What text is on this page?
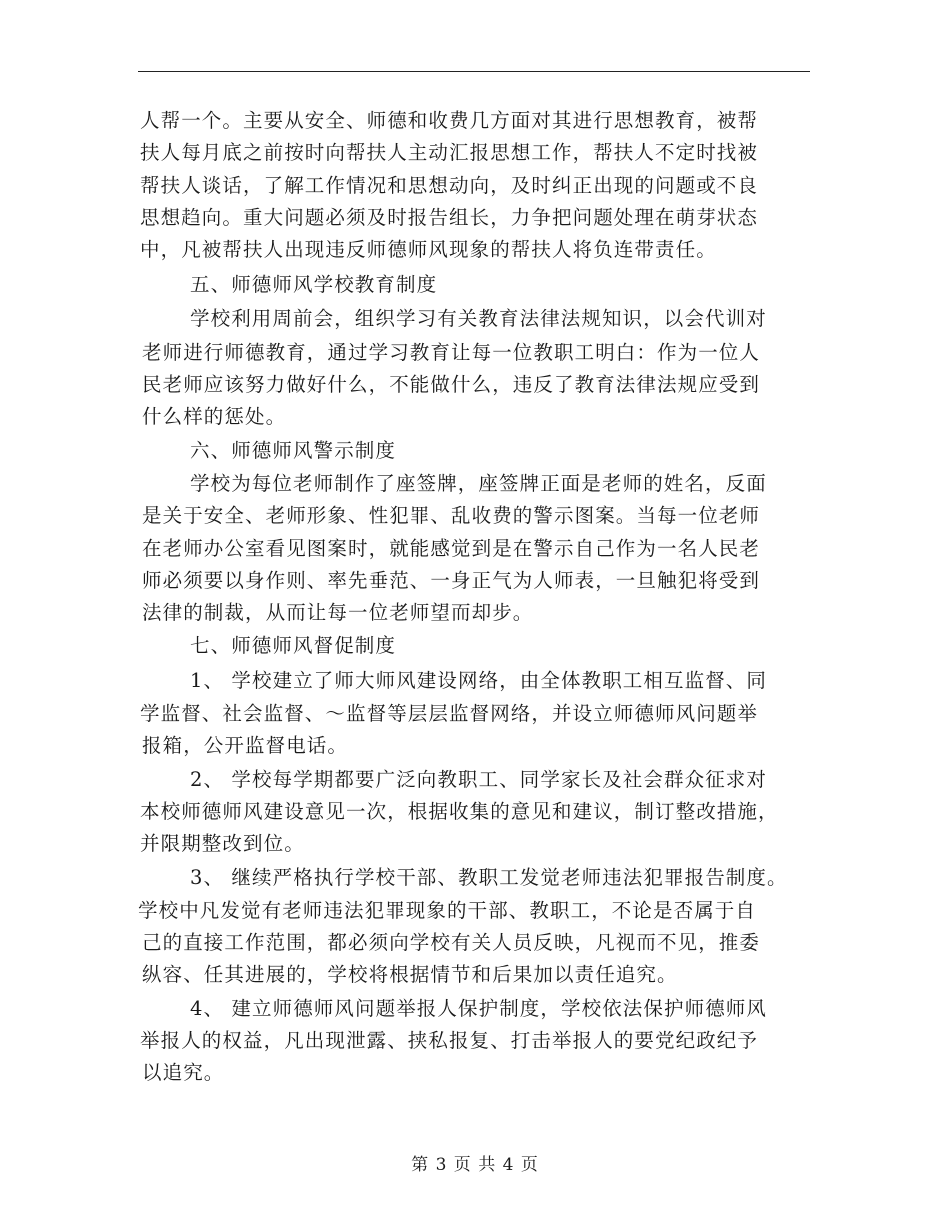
人帮一个。主要从安全、师德和收费几方面对其进行思想教育，被帮
扶人每月底之前按时向帮扶人主动汇报思想工作，帮扶人不定时找被
帮扶人谈话，了解工作情况和思想动向，及时纠正出现的问题或不良
思想趋向。重大问题必须及时报告组长，力争把问题处理在萌芽状态
中，凡被帮扶人出现违反师德师风现象的帮扶人将负连带责任。
五、师德师风学校教育制度
学校利用周前会，组织学习有关教育法律法规知识，以会代训对
老师进行师德教育，通过学习教育让每一位教职工明白：作为一位人
民老师应该努力做好什么，不能做什么，违反了教育法律法规应受到
什么样的惩处。
六、师德师风警示制度
学校为每位老师制作了座签牌，座签牌正面是老师的姓名，反面
是关于安全、老师形象、性犯罪、乱收费的警示图案。当每一位老师
在老师办公室看见图案时，就能感觉到是在警示自己作为一名人民老
师必须要以身作则、率先垂范、一身正气为人师表，一旦触犯将受到
法律的制裁，从而让每一位老师望而却步。
七、师德师风督促制度
1、 学校建立了师大师风建设网络，由全体教职工相互监督、同
学监督、社会监督、～监督等层层监督网络，并设立师德师风问题举
报箱，公开监督电话。
2、 学校每学期都要广泛向教职工、同学家长及社会群众征求对
本校师德师风建设意见一次，根据收集的意见和建议，制订整改措施，
并限期整改到位。
3、 继续严格执行学校干部、教职工发觉老师违法犯罪报告制度。
学校中凡发觉有老师违法犯罪现象的干部、教职工，不论是否属于自
己的直接工作范围，都必须向学校有关人员反映，凡视而不见，推委
纵容、任其进展的，学校将根据情节和后果加以责任追究。
4、 建立师德师风问题举报人保护制度，学校依法保护师德师风
举报人的权益，凡出现泄露、挟私报复、打击举报人的要党纪政纪予
以追究。
第 3 页 共 4 页
